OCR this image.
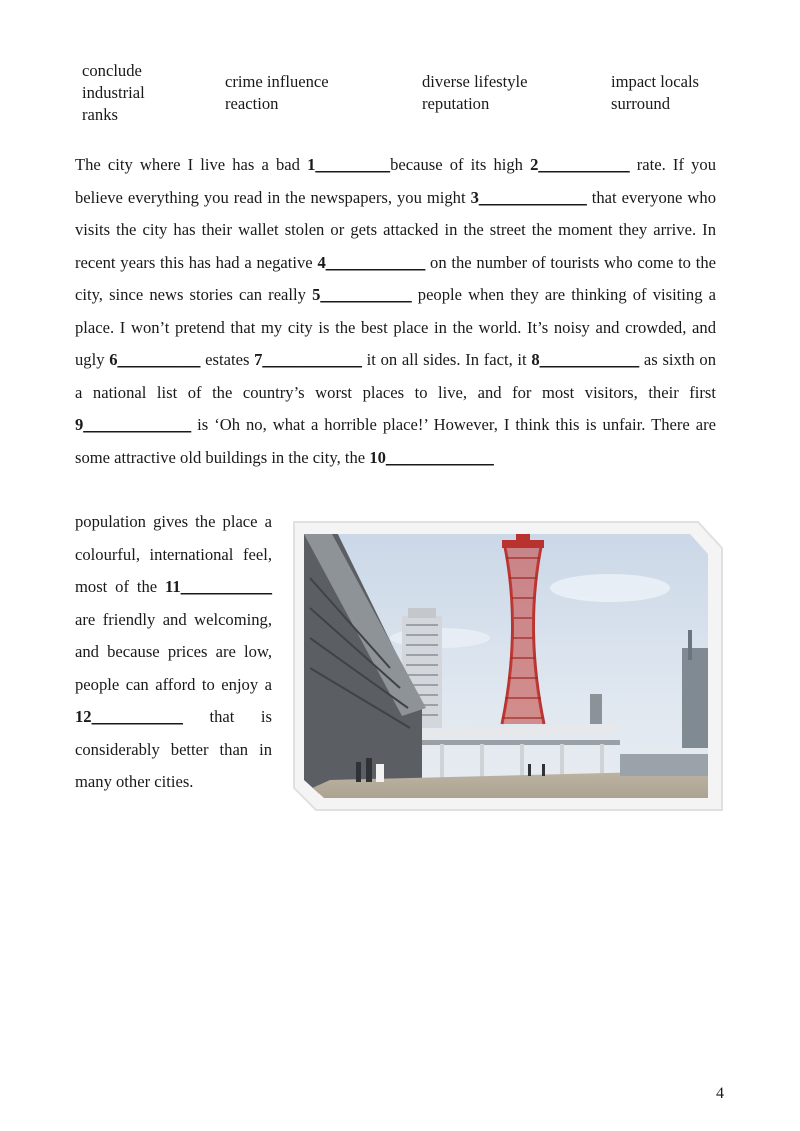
conclude
industrial
ranks
crime influence
reaction
diverse lifestyle
reputation
impact locals
surround

The city where I live has a bad 1_________because of its high 2___________ rate. If you believe everything you read in the newspapers, you might 3_____________ that everyone who visits the city has their wallet stolen or gets attacked in the street the moment they arrive. In recent years this has had a negative 4____________ on the number of tourists who come to the city, since news stories can really 5___________ people when they are thinking of visiting a place. I won’t pretend that my city is the best place in the world. It’s noisy and crowded, and ugly 6__________ estates 7____________ it on all sides. In fact, it 8____________ as sixth on a national list of the country’s worst places to live, and for most visitors, their first 9_____________ is ‘Oh no, what a horrible place!’ However, I think this is unfair. There are some attractive old buildings in the city, the 10_____________

population gives the place a colourful, international feel, most of the 11___________ are friendly and welcoming, and because prices are low, people can afford to enjoy a 12___________ that is considerably better than in many other cities.
4
